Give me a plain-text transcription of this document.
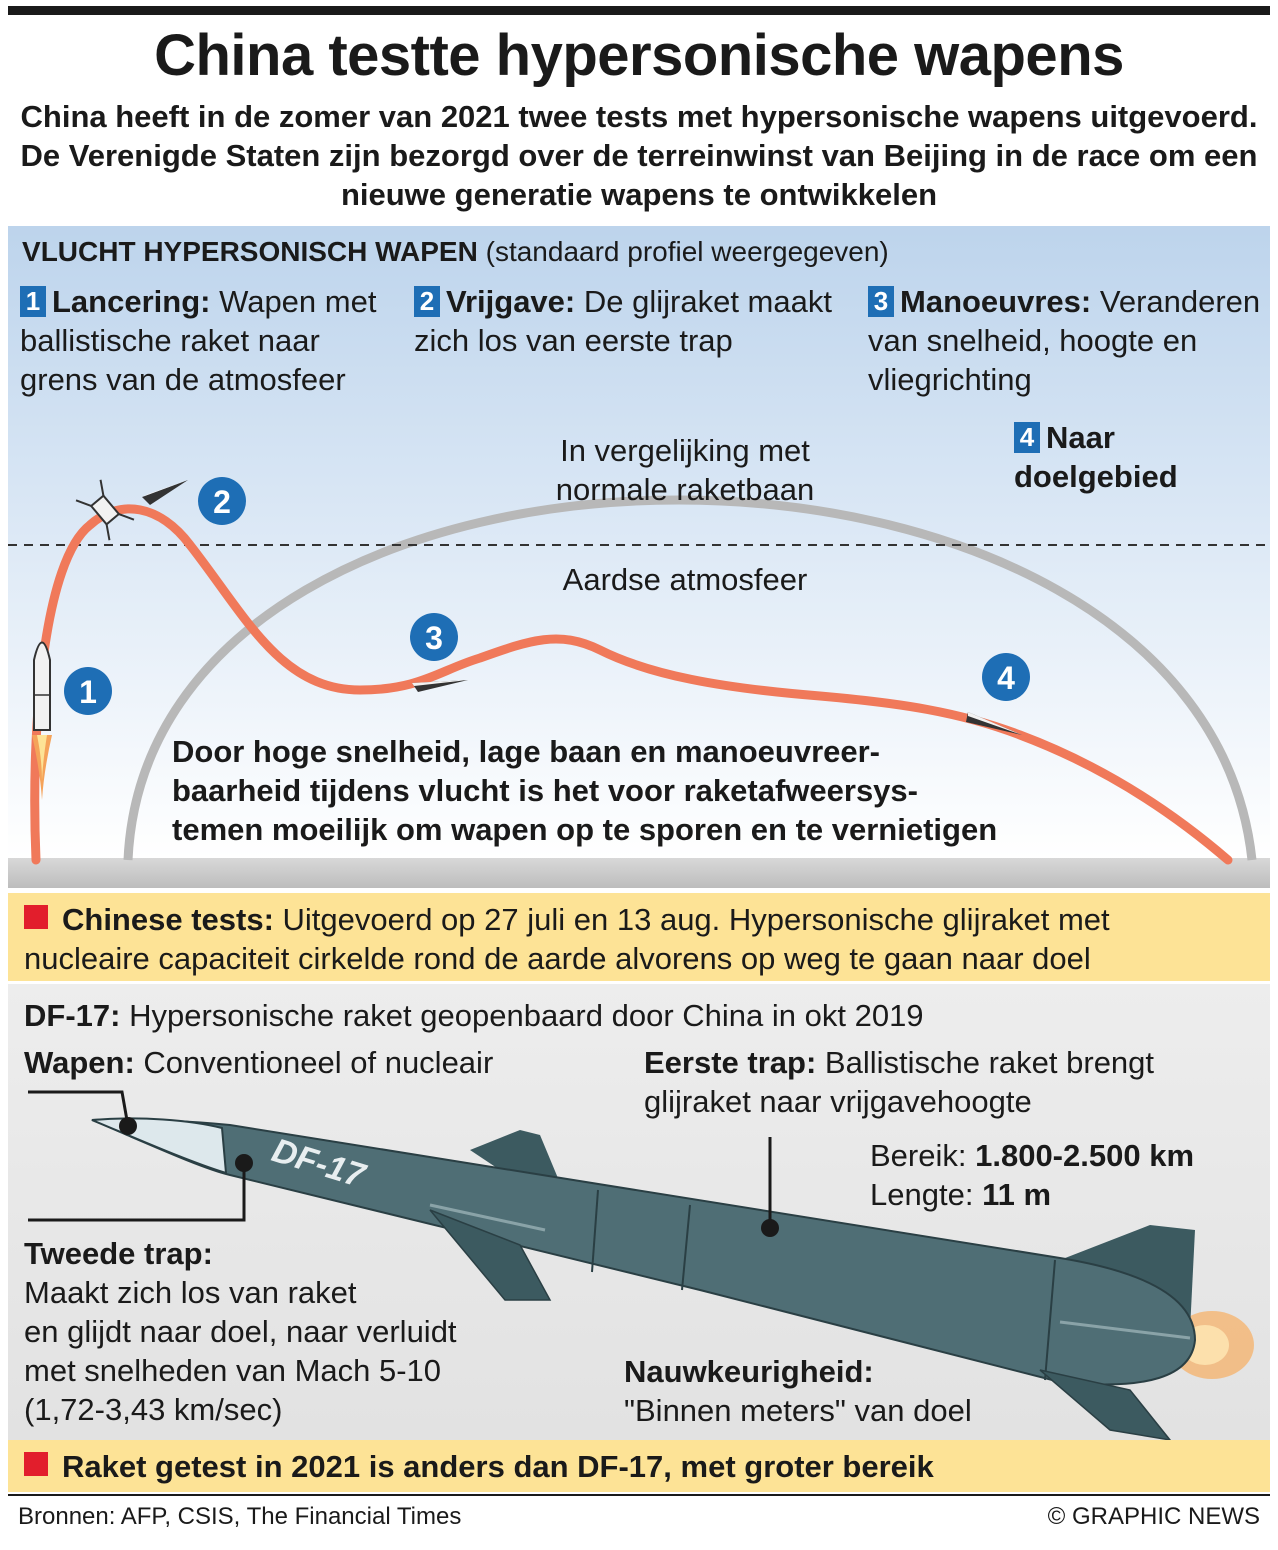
China testte hypersonische wapens
China heeft in de zomer van 2021 twee tests met hypersonische wapens uitgevoerd. De Verenigde Staten zijn bezorgd over de terreinwinst van Beijing in de race om een nieuwe generatie wapens te ontwikkelen
1
2
3
4
VLUCHT HYPERSONISCH WAPEN (standaard profiel weergegeven)
1 Lancering: Wapen met ballistische raket naar grens van de atmosfeer
2 Vrijgave: De glijraket maakt zich los van eerste trap
3 Manoeuvres: Veranderen van snelheid, hoogte en vliegrichting
4 Naar doelgebied
In vergelijking met normale raketbaan
Aardse atmosfeer
Door hoge snelheid, lage baan en manoeuvreer-
baarheid tijdens vlucht is het voor raketafweersys-
temen moeilijk om wapen op te sporen en te vernietigen
Chinese tests: Uitgevoerd op 27 juli en 13 aug. Hypersonische glijraket met
nucleaire capaciteit cirkelde rond de aarde alvorens op weg te gaan naar doel
DF-17: Hypersonische raket geopenbaard door China in okt 2019
Wapen: Conventioneel of nucleair	Eerste trap: Ballistische raket brengt
glijraket naar vrijgavehoogte
Bereik: 1.800-2.500 km
Lengte: 11 m
DF-17
Tweede trap:
Maakt zich los van raket
en glijdt naar doel, naar verluidt
met snelheden van Mach 5-10
(1,72-3,43 km/sec)
Nauwkeurigheid:
"Binnen meters" van doel
Raket getest in 2021 is anders dan DF-17, met groter bereik
Bronnen: AFP, CSIS, The Financial Times	© GRAPHIC NEWS
